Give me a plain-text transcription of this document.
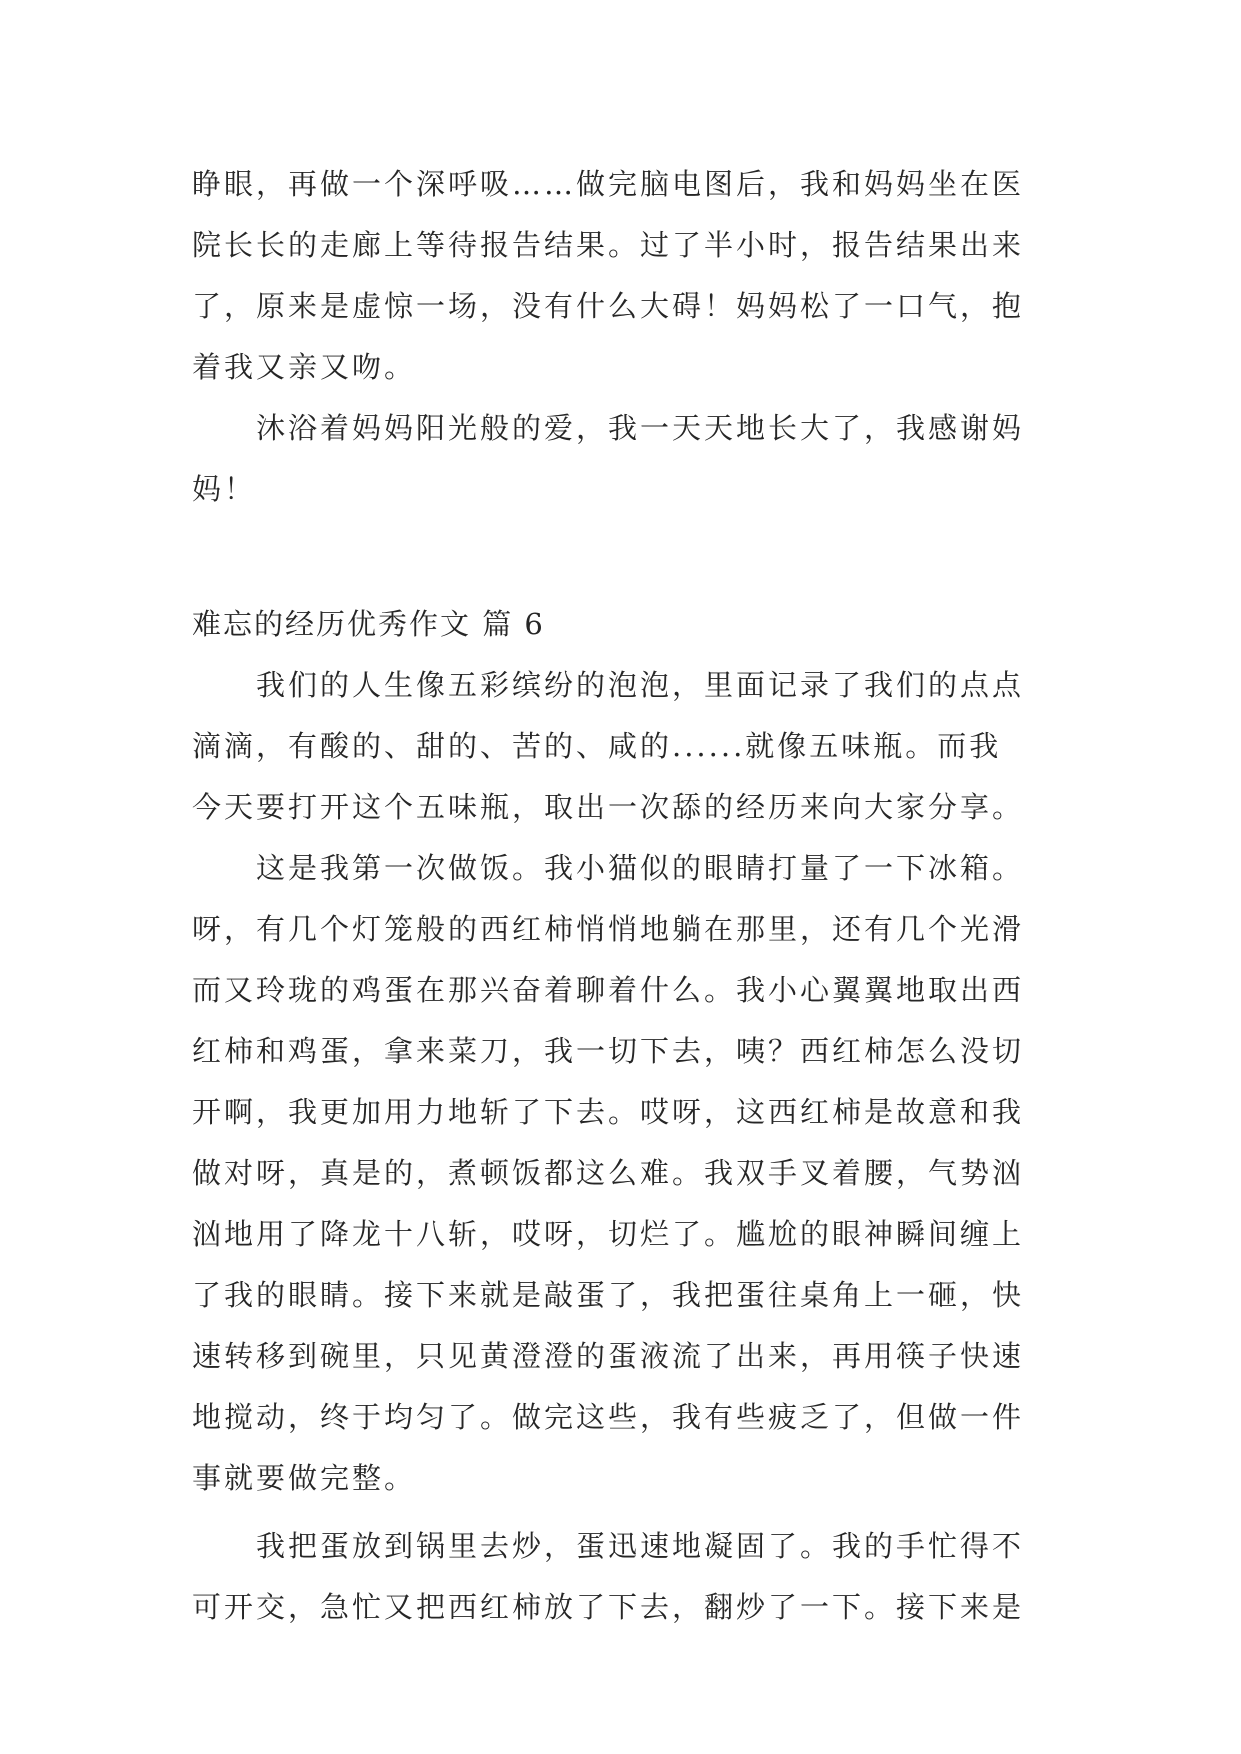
睁眼，再做一个深呼吸……做完脑电图后，我和妈妈坐在医
院长长的走廊上等待报告结果。过了半小时，报告结果出来
了，原来是虚惊一场，没有什么大碍！妈妈松了一口气，抱
着我又亲又吻。

沐浴着妈妈阳光般的爱，我一天天地长大了，我感谢妈
妈！

难忘的经历优秀作文 篇 6

我们的人生像五彩缤纷的泡泡，里面记录了我们的点点
滴滴，有酸的、甜的、苦的、咸的......就像五味瓶。而我
今天要打开这个五味瓶，取出一次舔的经历来向大家分享。

这是我第一次做饭。我小猫似的眼睛打量了一下冰箱。
呀，有几个灯笼般的西红柿悄悄地躺在那里，还有几个光滑
而又玲珑的鸡蛋在那兴奋着聊着什么。我小心翼翼地取出西
红柿和鸡蛋，拿来菜刀，我一切下去，咦？西红柿怎么没切
开啊，我更加用力地斩了下去。哎呀，这西红柿是故意和我
做对呀，真是的，煮顿饭都这么难。我双手叉着腰，气势汹
汹地用了降龙十八斩，哎呀，切烂了。尴尬的眼神瞬间缠上
了我的眼睛。接下来就是敲蛋了，我把蛋往桌角上一砸，快
速转移到碗里，只见黄澄澄的蛋液流了出来，再用筷子快速
地搅动，终于均匀了。做完这些，我有些疲乏了，但做一件
事就要做完整。

我把蛋放到锅里去炒，蛋迅速地凝固了。我的手忙得不
可开交，急忙又把西红柿放了下去，翻炒了一下。接下来是
